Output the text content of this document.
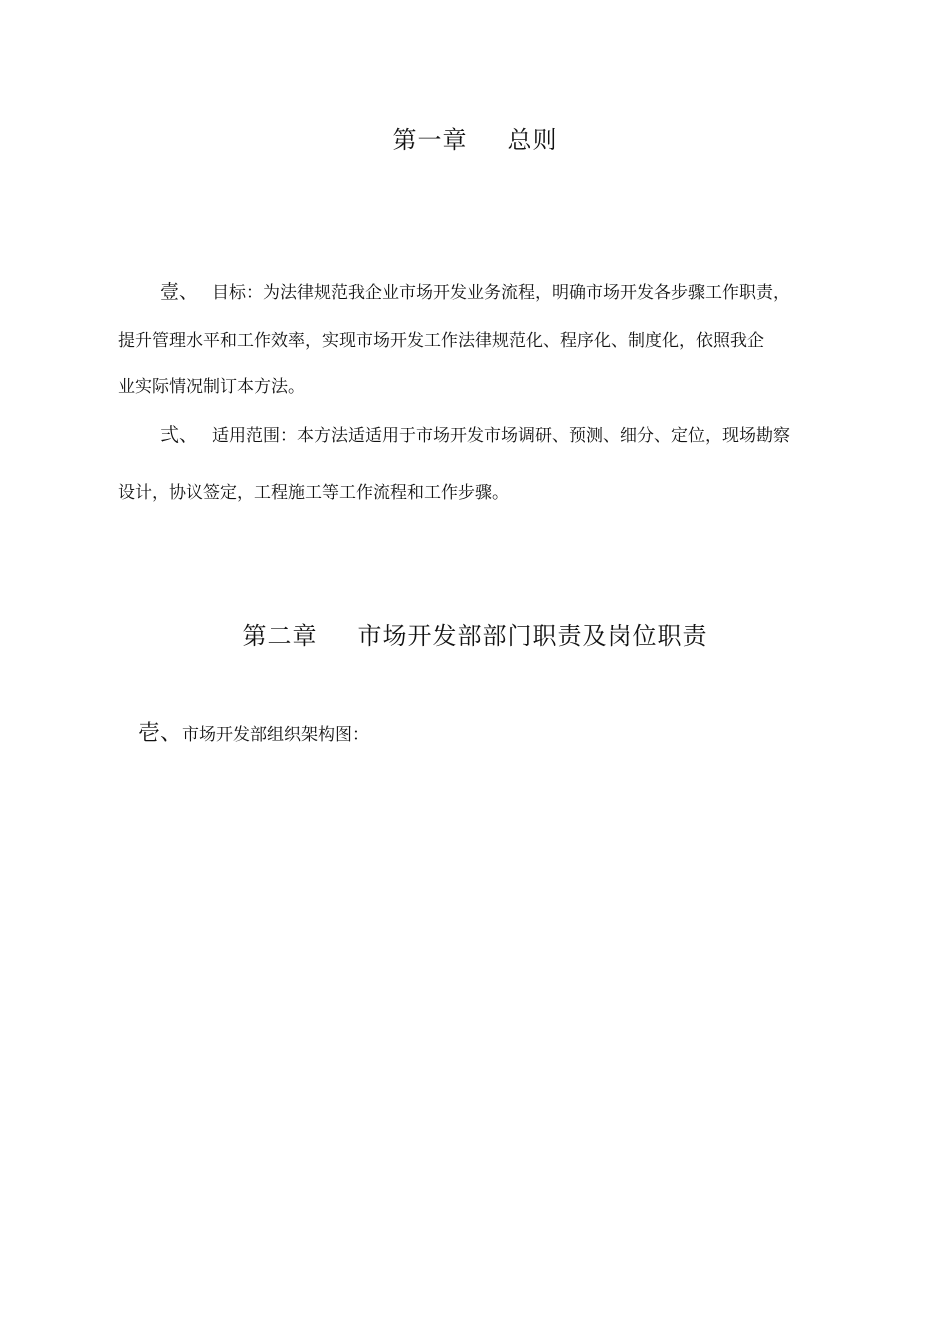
第一章 总则
壹、 目标：为法律规范我企业市场开发业务流程，明确市场开发各步骤工作职责，
提升管理水平和工作效率，实现市场开发工作法律规范化、程序化、制度化，依照我企
业实际情况制订本方法。
弍、 适用范围：本方法适适用于市场开发市场调研、预测、细分、定位，现场勘察
设计，协议签定，工程施工等工作流程和工作步骤。
第二章 市场开发部部门职责及岗位职责
壱、市场开发部组织架构图：
